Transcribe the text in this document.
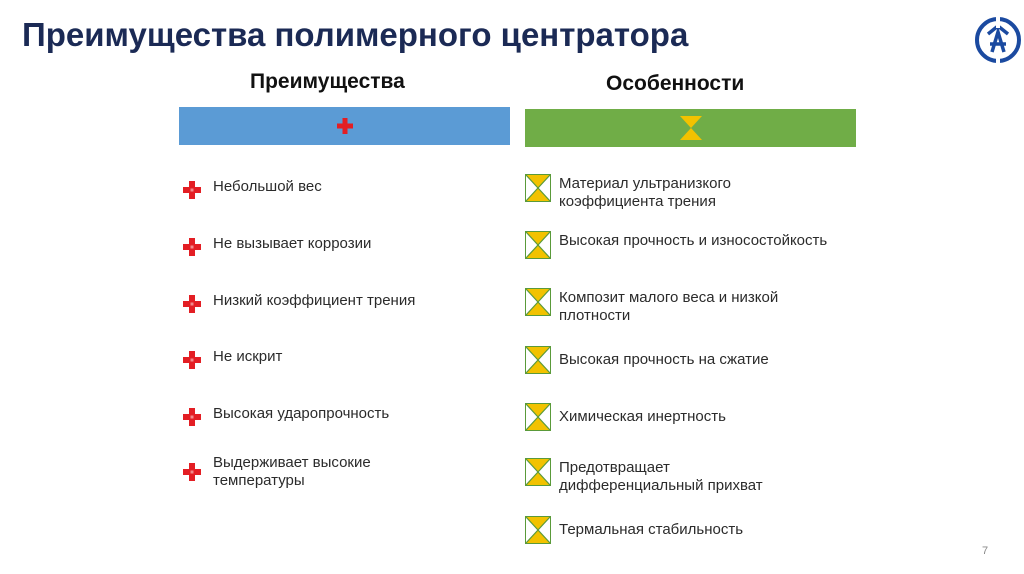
Преимущества полимерного центратора
Преимущества	Особенности
Небольшой вес
Не вызывает коррозии
Низкий коэффициент трения
Не искрит
Высокая ударопрочность
Выдерживает высокие температуры
Материал ультранизкого коэффициента трения
Высокая прочность и износостойкость
Композит малого веса и низкой плотности
Высокая прочность на сжатие
Химическая инертность
Предотвращает дифференциальный прихват
Термальная стабильность
7
